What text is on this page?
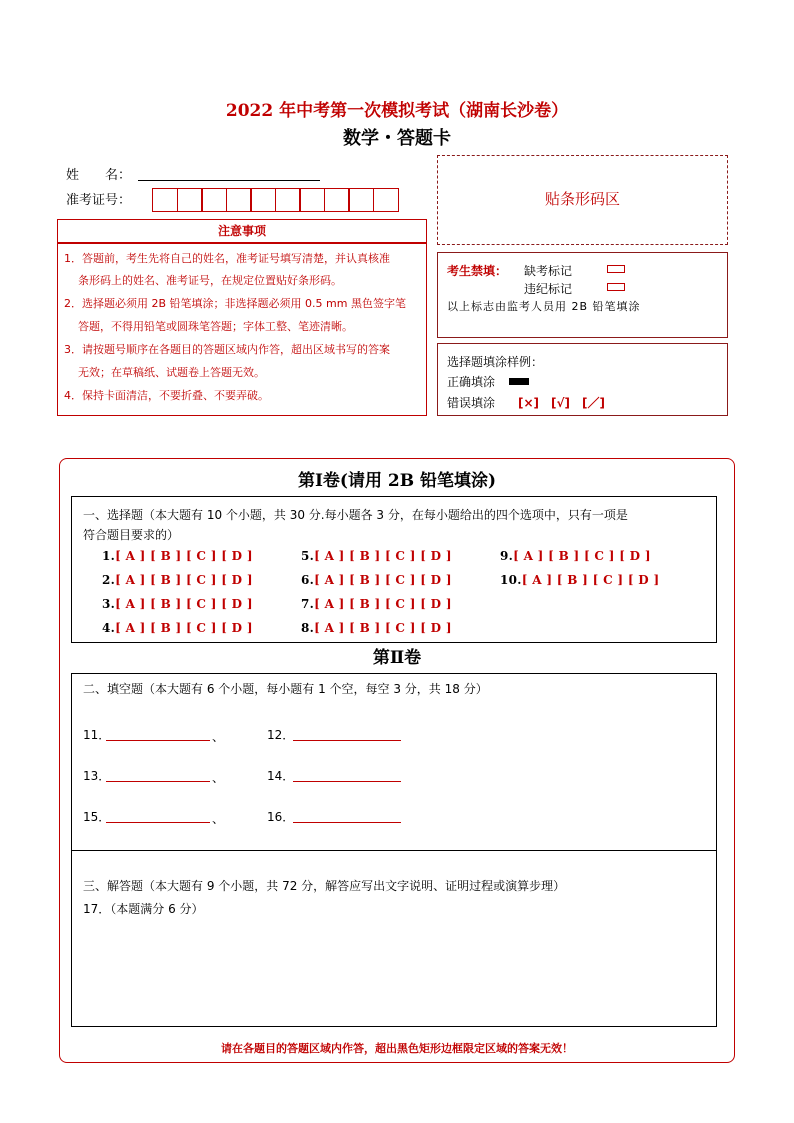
2022 年中考第一次模拟考试（湖南长沙卷）
数学・答题卡
姓　　名：
准考证号：	贴条形码区
注意事项
1．答题前，考生先将自己的姓名，准考证号填写清楚，并认真核准
条形码上的姓名、准考证号，在规定位置贴好条形码。
2．选择题必须用 2B 铅笔填涂；非选择题必须用 0.5 mm 黑色签字笔
答题，不得用铅笔或圆珠笔答题；字体工整、笔迹清晰。
3．请按题号顺序在各题目的答题区域内作答，超出区域书写的答案
无效；在草稿纸、试题卷上答题无效。
4．保持卡面清洁，不要折叠、不要弄破。
考生禁填： 缺考标记
违纪标记
以上标志由监考人员用 2B 铅笔填涂
选择题填涂样例：
正确填涂
错误填涂 [×]　[√]　[／]
第Ⅰ卷(请用 2B 铅笔填涂)
一、选择题（本大题有 10 个小题，共 30 分.每小题各 3 分，在每小题给出的四个选项中，只有一项是
符合题目要求的）
1.[ A ] [ B ] [ C ] [ D ]
2.[ A ] [ B ] [ C ] [ D ]
3.[ A ] [ B ] [ C ] [ D ]
4.[ A ] [ B ] [ C ] [ D ]
5.[ A ] [ B ] [ C ] [ D ]
6.[ A ] [ B ] [ C ] [ D ]
7.[ A ] [ B ] [ C ] [ D ]
8.[ A ] [ B ] [ C ] [ D ]
9.[ A ] [ B ] [ C ] [ D ]
10.[ A ] [ B ] [ C ] [ D ]
第Ⅱ卷
二、填空题（本大题有 6 个小题，每小题有 1 个空，每空 3 分，共 18 分）
11．	、	12．
13．	、	14．
15．	、	16．
三、解答题（本大题有 9 个小题，共 72 分，解答应写出文字说明、证明过程或演算步理）
17．（本题满分 6 分）
请在各题目的答题区域内作答，超出黑色矩形边框限定区域的答案无效！
